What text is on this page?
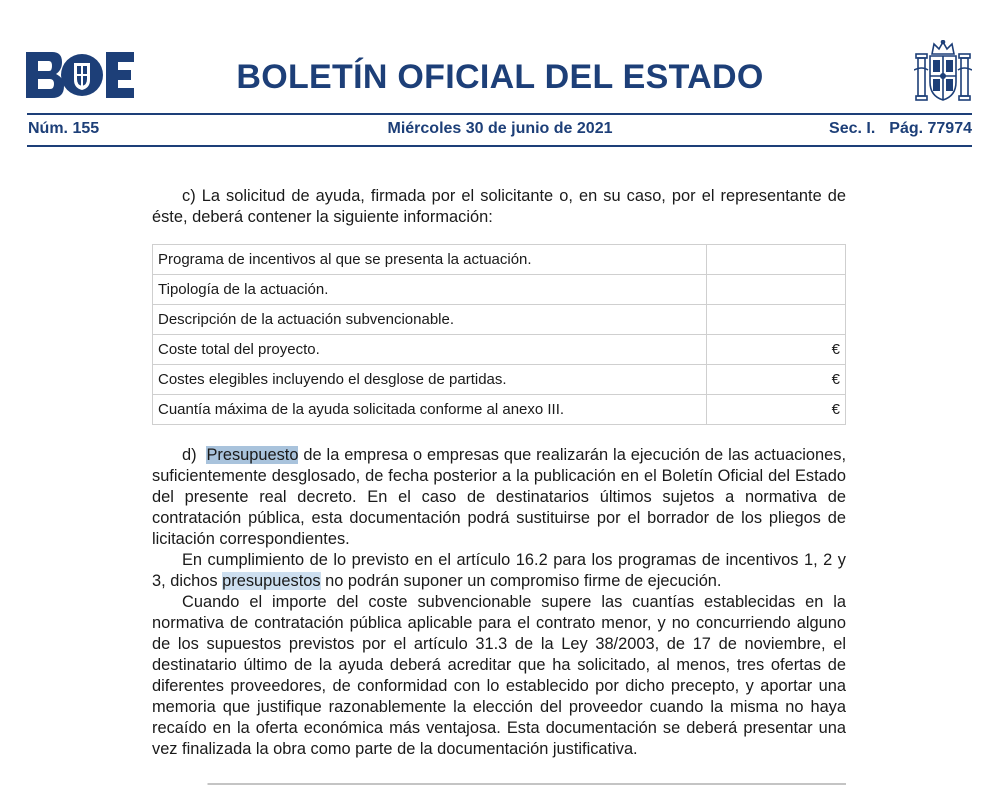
BOLETÍN OFICIAL DEL ESTADO
Núm. 155	Miércoles 30 de junio de 2021	Sec. I. Pág. 77974

c) La solicitud de ayuda, firmada por el solicitante o, en su caso, por el representante de éste, deberá contener la siguiente información:

Programa de incentivos al que se presenta la actuación.	
Tipología de la actuación.	
Descripción de la actuación subvencionable.	
Coste total del proyecto.	€
Costes elegibles incluyendo el desglose de partidas.	€
Cuantía máxima de la ayuda solicitada conforme al anexo III.	€

d) Presupuesto de la empresa o empresas que realizarán la ejecución de las actuaciones, suficientemente desglosado, de fecha posterior a la publicación en el Boletín Oficial del Estado del presente real decreto. En el caso de destinatarios últimos sujetos a normativa de contratación pública, esta documentación podrá sustituirse por el borrador de los pliegos de licitación correspondientes.

En cumplimiento de lo previsto en el artículo 16.2 para los programas de incentivos 1, 2 y 3, dichos presupuestos no podrán suponer un compromiso firme de ejecución.

Cuando el importe del coste subvencionable supere las cuantías establecidas en la normativa de contratación pública aplicable para el contrato menor, y no concurriendo alguno de los supuestos previstos por el artículo 31.3 de la Ley 38/2003, de 17 de noviembre, el destinatario último de la ayuda deberá acreditar que ha solicitado, al menos, tres ofertas de diferentes proveedores, de conformidad con lo establecido por dicho precepto, y aportar una memoria que justifique razonablemente la elección del proveedor cuando la misma no haya recaído en la oferta económica más ventajosa. Esta documentación se deberá presentar una vez finalizada la obra como parte de la documentación justificativa.
